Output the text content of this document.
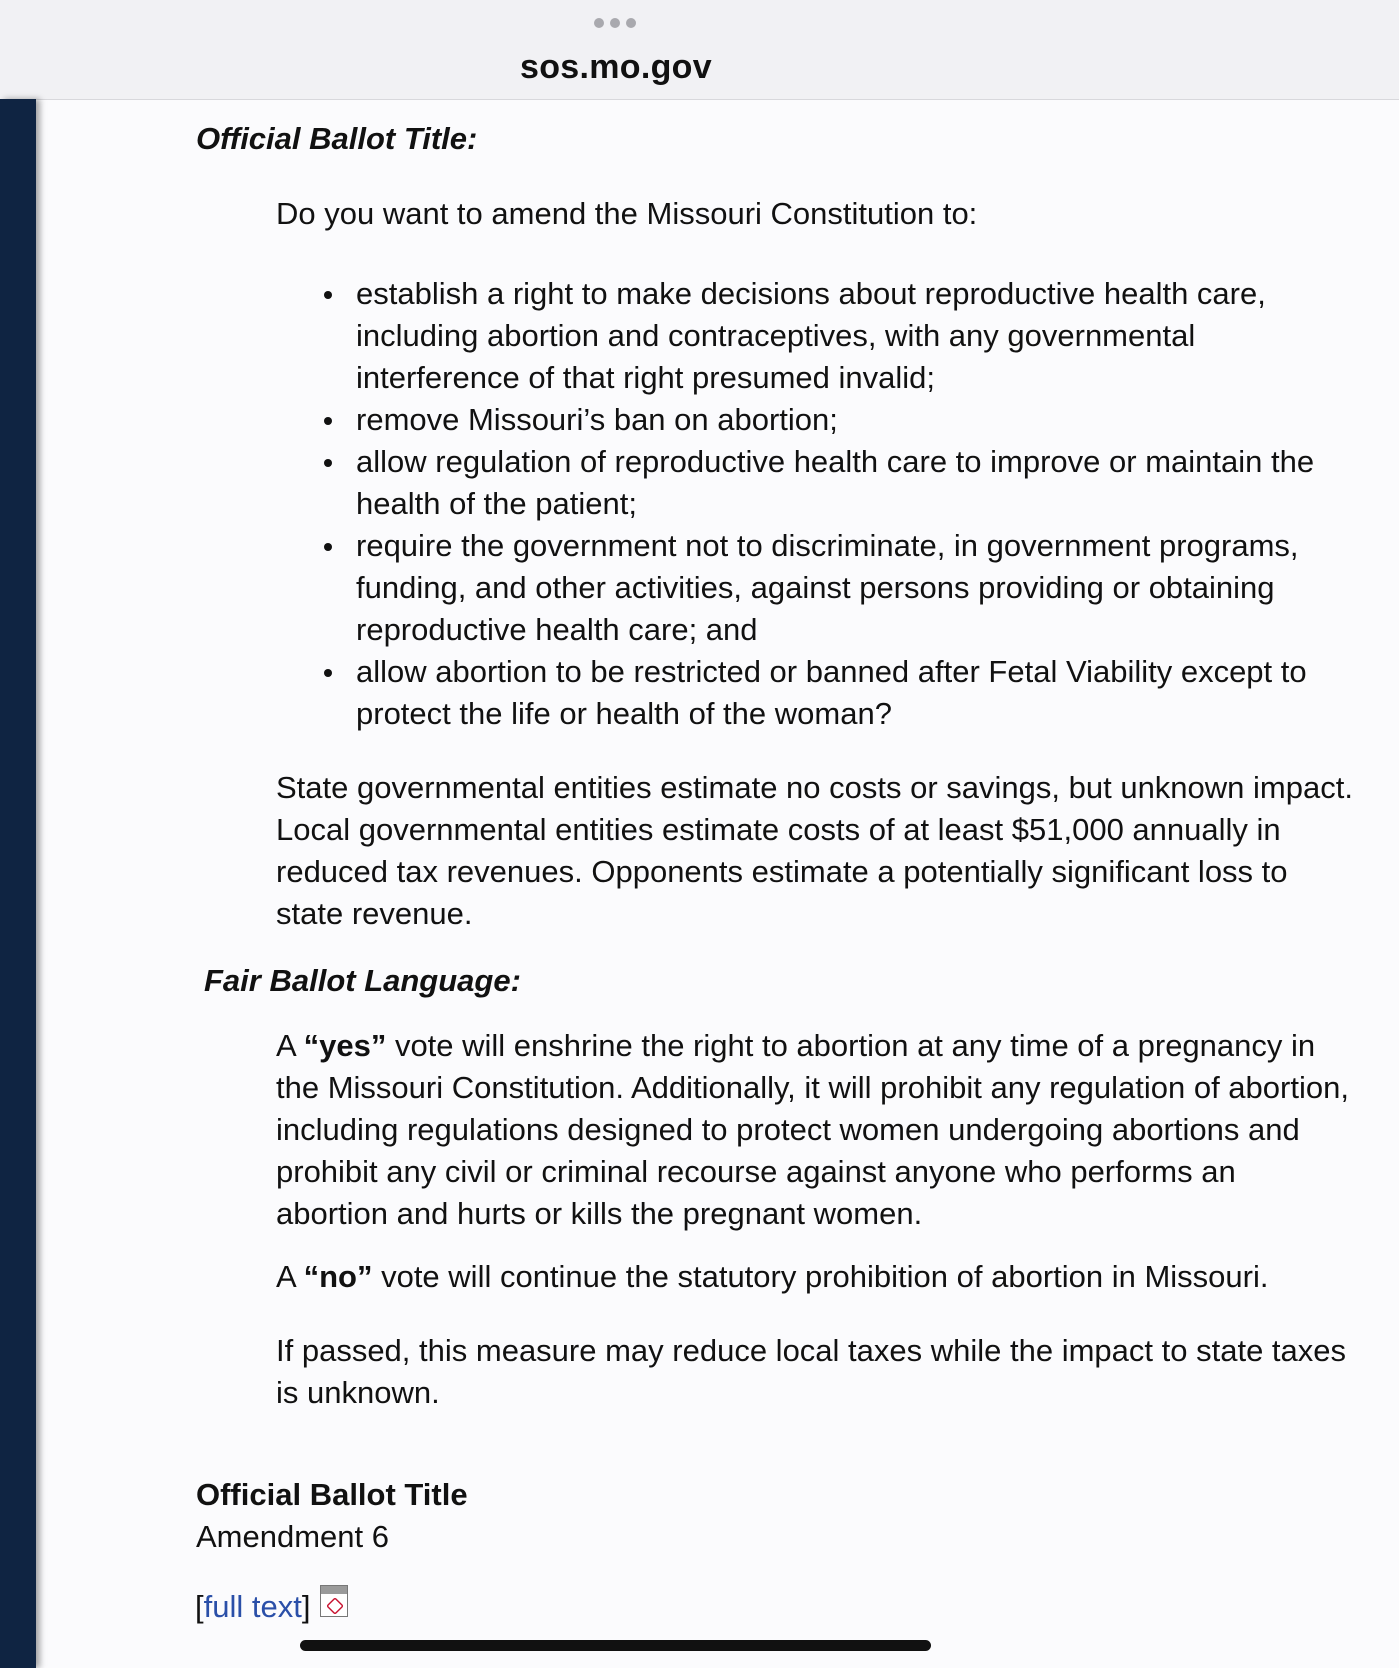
sos.mo.gov
Official Ballot Title:
Do you want to amend the Missouri Constitution to:
establish a right to make decisions about reproductive health care, including abortion and contraceptives, with any governmental interference of that right presumed invalid;
remove Missouri’s ban on abortion;
allow regulation of reproductive health care to improve or maintain the health of the patient;
require the government not to discriminate, in government programs, funding, and other activities, against persons providing or obtaining reproductive health care; and
allow abortion to be restricted or banned after Fetal Viability except to protect the life or health of the woman?
State governmental entities estimate no costs or savings, but unknown impact. Local governmental entities estimate costs of at least $51,000 annually in reduced tax revenues. Opponents estimate a potentially significant loss to state revenue.
Fair Ballot Language:
A “yes” vote will enshrine the right to abortion at any time of a pregnancy in the Missouri Constitution. Additionally, it will prohibit any regulation of abortion, including regulations designed to protect women undergoing abortions and prohibit any civil or criminal recourse against anyone who performs an abortion and hurts or kills the pregnant women.
A “no” vote will continue the statutory prohibition of abortion in Missouri.
If passed, this measure may reduce local taxes while the impact to state taxes is unknown.
Official Ballot Title
Amendment 6
[ full text ]
